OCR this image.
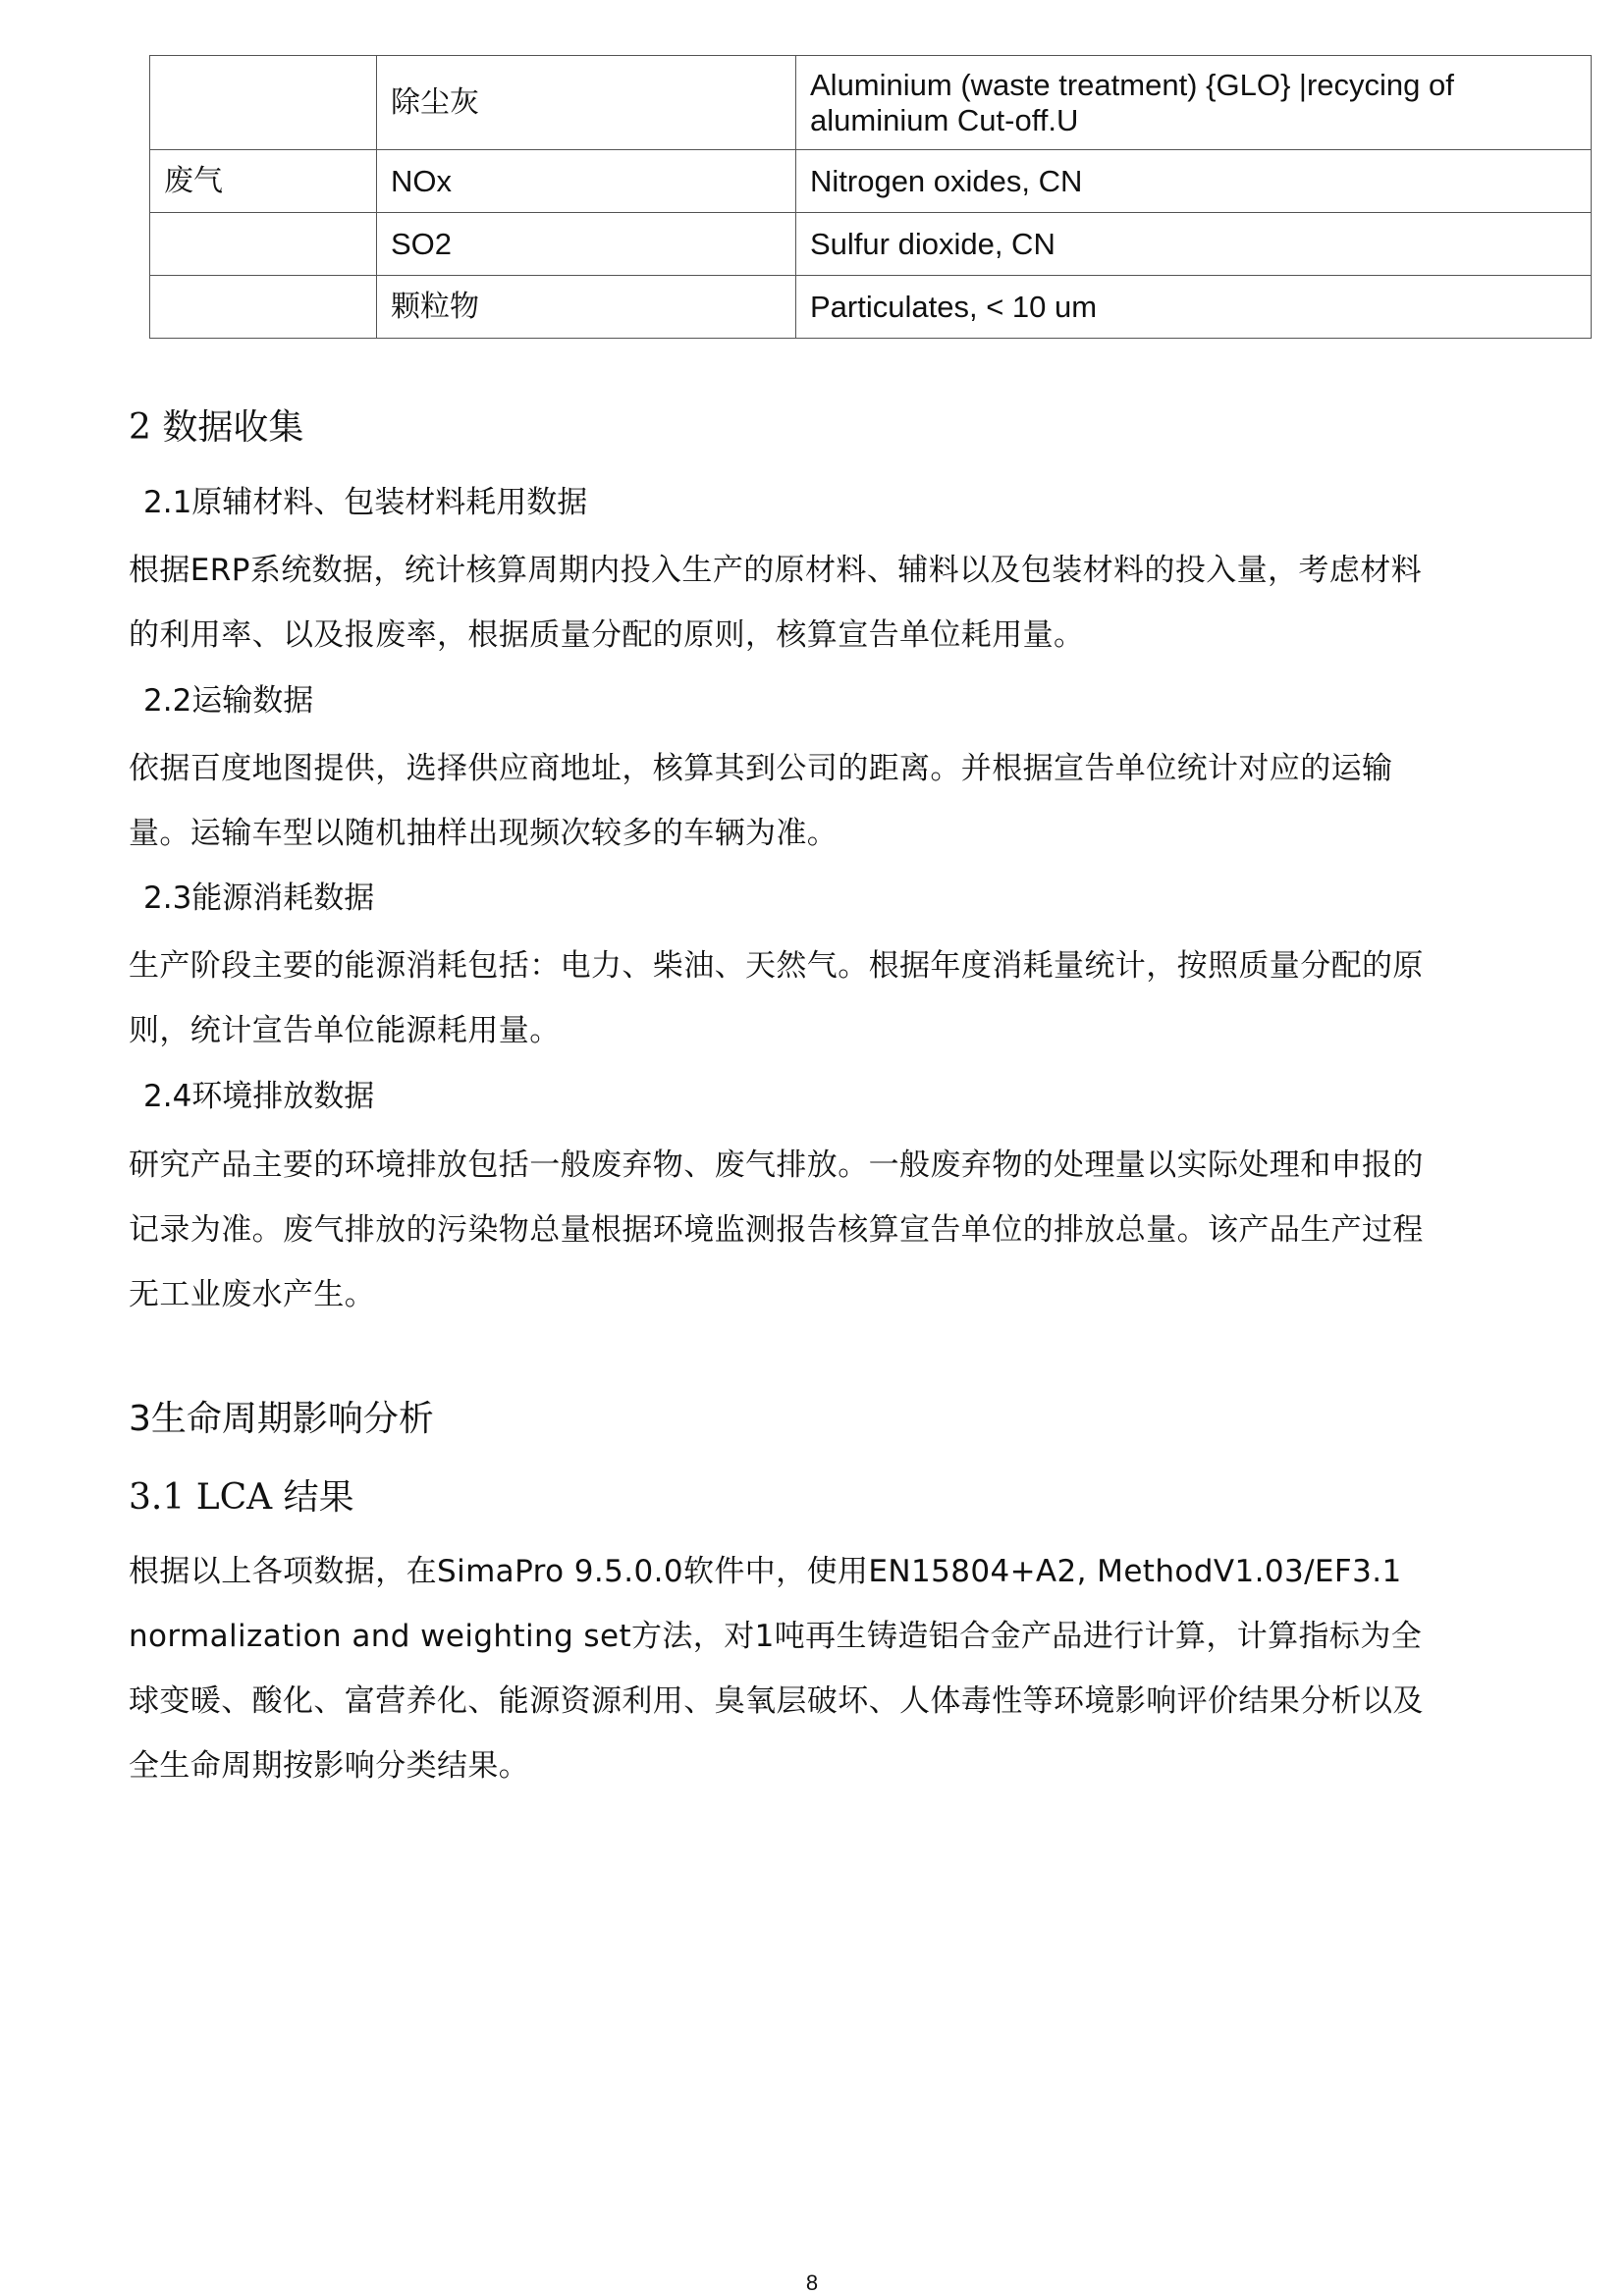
	除尘灰	Aluminium (waste treatment) {GLO} |recycing of aluminium Cut-off.U
废气	NOx	Nitrogen oxides, CN
	SO2	Sulfur dioxide, CN
	颗粒物	Particulates, < 10 um
2 数据收集
2.1原辅材料、包装材料耗用数据
根据ERP系统数据，统计核算周期内投入生产的原材料、辅料以及包装材料的投入量，考虑材料的利用率、以及报废率，根据质量分配的原则，核算宣告单位耗用量。
2.2运输数据
依据百度地图提供，选择供应商地址，核算其到公司的距离。并根据宣告单位统计对应的运输量。运输车型以随机抽样出现频次较多的车辆为准。
2.3能源消耗数据
生产阶段主要的能源消耗包括：电力、柴油、天然气。根据年度消耗量统计，按照质量分配的原 则，统计宣告单位能源耗用量。
2.4环境排放数据
研究产品主要的环境排放包括一般废弃物、废气排放。一般废弃物的处理量以实际处理和申报的记录为准。废气排放的污染物总量根据环境监测报告核算宣告单位的排放总量。该产品生产过程无工业废水产生。
3生命周期影响分析
3.1 LCA 结果
根据以上各项数据，在SimaPro 9.5.0.0软件中，使用EN15804+A2, MethodV1.03/EF3.1 normalization and weighting set方法，对1吨再生铸造铝合金产品进行计算，计算指标为全球变暖、酸化、富营养化、能源资源利用、臭氧层破坏、人体毒性等环境影响评价结果分析以及全生命周期按影响分类结果。
8
